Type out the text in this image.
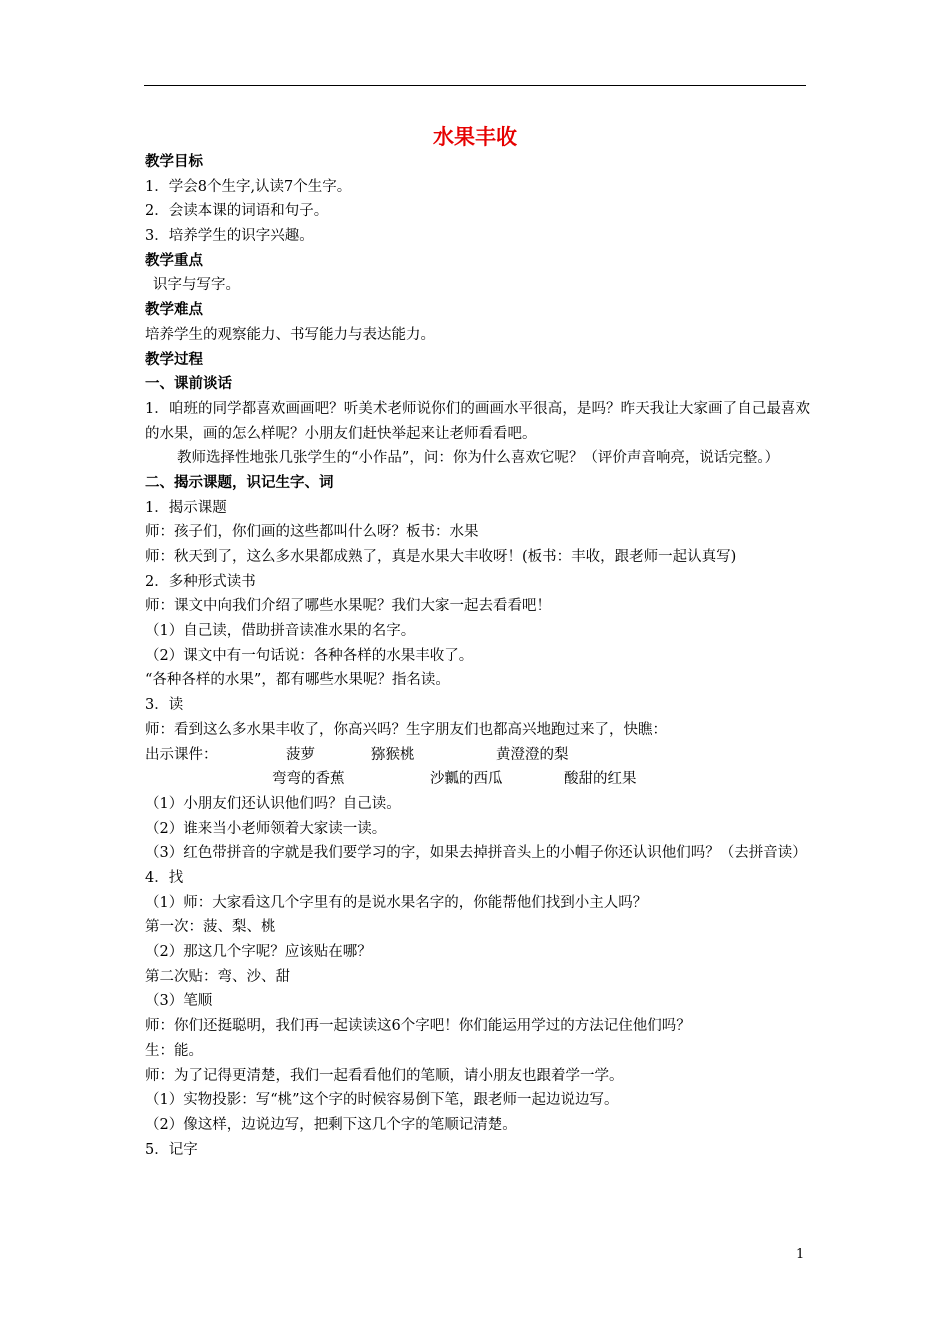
水果丰收
教学目标
1．学会8个生字,认读7个生字。
2．会读本课的词语和句子。
3．培养学生的识字兴趣。
教学重点
识字与写字。
教学难点
培养学生的观察能力、书写能力与表达能力。
教学过程
一、课前谈话
1．咱班的同学都喜欢画画吧？听美术老师说你们的画画水平很高，是吗？昨天我让大家画了自己最喜欢的水果，画的怎么样呢？小朋友们赶快举起来让老师看看吧。
教师选择性地张几张学生的“小作品”，问：你为什么喜欢它呢？（评价声音响亮，说话完整。）
二、揭示课题，识记生字、词
1．揭示课题
师：孩子们，你们画的这些都叫什么呀？板书：水果
师：秋天到了，这么多水果都成熟了，真是水果大丰收呀！(板书：丰收，跟老师一起认真写)
2．多种形式读书
师：课文中向我们介绍了哪些水果呢？我们大家一起去看看吧！
（1）自己读，借助拼音读准水果的名字。
（2）课文中有一句话说：各种各样的水果丰收了。
“各种各样的水果”，都有哪些水果呢？指名读。
3．读
师：看到这么多水果丰收了，你高兴吗？生字朋友们也都高兴地跑过来了，快瞧：
出示课件：	菠萝	猕猴桃	黄澄澄的梨
弯弯的香蕉	沙瓤的西瓜	酸甜的红果
（1）小朋友们还认识他们吗？自己读。
（2）谁来当小老师领着大家读一读。
（3）红色带拼音的字就是我们要学习的字，如果去掉拼音头上的小帽子你还认识他们吗？（去拼音读）
4．找
（1）师：大家看这几个字里有的是说水果名字的，你能帮他们找到小主人吗？
第一次：菠、梨、桃
（2）那这几个字呢？应该贴在哪？
第二次贴：弯、沙、甜
（3）笔顺
师：你们还挺聪明，我们再一起读读这6个字吧！你们能运用学过的方法记住他们吗？
生：能。
师：为了记得更清楚，我们一起看看他们的笔顺，请小朋友也跟着学一学。
（1）实物投影：写“桃”这个字的时候容易倒下笔，跟老师一起边说边写。
（2）像这样，边说边写，把剩下这几个字的笔顺记清楚。
5．记字
1
